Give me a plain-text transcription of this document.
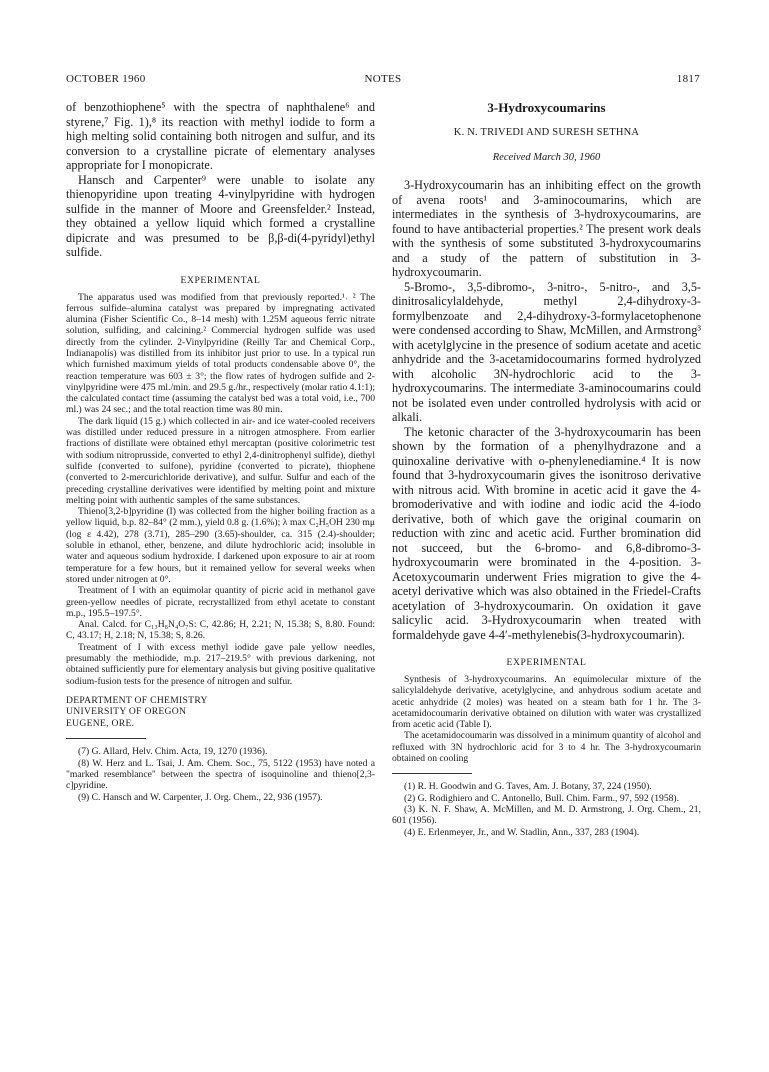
OCTOBER 1960	NOTES	1817

of benzothiophene⁵ with the spectra of naphthalene⁶ and styrene,⁷ Fig. 1),⁸ its reaction with methyl iodide to form a high melting solid containing both nitrogen and sulfur, and its conversion to a crystalline picrate of elementary analyses appropriate for I monopicrate.

Hansch and Carpenter⁹ were unable to isolate any thienopyridine upon treating 4-vinylpyridine with hydrogen sulfide in the manner of Moore and Greensfelder.² Instead, they obtained a yellow liquid which formed a crystalline dipicrate and was presumed to be β,β-di(4-pyridyl)ethyl sulfide.

EXPERIMENTAL

The apparatus used was modified from that previously reported.¹˒ ² The ferrous sulfide–alumina catalyst was prepared by impregnating activated alumina (Fisher Scientific Co., 8–14 mesh) with 1.25M aqueous ferric nitrate solution, sulfiding, and calcining.² Commercial hydrogen sulfide was used directly from the cylinder. 2-Vinylpyridine (Reilly Tar and Chemical Corp., Indianapolis) was distilled from its inhibitor just prior to use. In a typical run which furnished maximum yields of total products condensable above 0°, the reaction temperature was 603 ± 3°; the flow rates of hydrogen sulfide and 2-vinylpyridine were 475 ml./min. and 29.5 g./hr., respectively (molar ratio 4.1:1); the calculated contact time (assuming the catalyst bed was a total void, i.e., 700 ml.) was 24 sec.; and the total reaction time was 80 min.

The dark liquid (15 g.) which collected in air- and ice water-cooled receivers was distilled under reduced pressure in a nitrogen atmosphere. From earlier fractions of distillate were obtained ethyl mercaptan (positive colorimetric test with sodium nitroprusside, converted to ethyl 2,4-dinitrophenyl sulfide), diethyl sulfide (converted to sulfone), pyridine (converted to picrate), thiophene (converted to 2-mercurichloride derivative), and sulfur. Sulfur and each of the preceding crystalline derivatives were identified by melting point and mixture melting point with authentic samples of the same substances.

Thieno[3,2-b]pyridine (I) was collected from the higher boiling fraction as a yellow liquid, b.p. 82–84° (2 mm.), yield 0.8 g. (1.6%); λ max C₂H₅OH 230 mμ (log ε 4.42), 278 (3.71), 285–290 (3.65)-shoulder, ca. 315 (2.4)-shoulder; soluble in ethanol, ether, benzene, and dilute hydrochloric acid; insoluble in water and aqueous sodium hydroxide. I darkened upon exposure to air at room temperature for a few hours, but it remained yellow for several weeks when stored under nitrogen at 0°.

Treatment of I with an equimolar quantity of picric acid in methanol gave green-yellow needles of picrate, recrystallized from ethyl acetate to constant m.p., 195.5–197.5°.

Anal. Calcd. for C₁₃H₈N₄O₇S: C, 42.86; H, 2.21; N, 15.38; S, 8.80. Found: C, 43.17; H, 2.18; N, 15.38; S, 8.26.

Treatment of I with excess methyl iodide gave pale yellow needles, presumably the methiodide, m.p. 217–219.5° with previous darkening, not obtained sufficiently pure for elementary analysis but giving positive qualitative sodium-fusion tests for the presence of nitrogen and sulfur.

DEPARTMENT OF CHEMISTRY
UNIVERSITY OF OREGON
EUGENE, ORE.
(7) G. Allard, Helv. Chim. Acta, 19, 1270 (1936).
(8) W. Herz and L. Tsai, J. Am. Chem. Soc., 75, 5122 (1953) have noted a "marked resemblance" between the spectra of isoquinoline and thieno[2,3-c]pyridine.
(9) C. Hansch and W. Carpenter, J. Org. Chem., 22, 936 (1957).
3-Hydroxycoumarins
K. N. TRIVEDI AND SURESH SETHNA
Received March 30, 1960

3-Hydroxycoumarin has an inhibiting effect on the growth of avena roots¹ and 3-aminocoumarins, which are intermediates in the synthesis of 3-hydroxycoumarins, are found to have antibacterial properties.² The present work deals with the synthesis of some substituted 3-hydroxycoumarins and a study of the pattern of substitution in 3-hydroxycoumarin.

5-Bromo-, 3,5-dibromo-, 3-nitro-, 5-nitro-, and 3,5-dinitrosalicylaldehyde, methyl 2,4-dihydroxy-3-formylbenzoate and 2,4-dihydroxy-3-formylacetophenone were condensed according to Shaw, McMillen, and Armstrong³ with acetylglycine in the presence of sodium acetate and acetic anhydride and the 3-acetamidocoumarins formed hydrolyzed with alcoholic 3N-hydrochloric acid to the 3-hydroxycoumarins. The intermediate 3-aminocoumarins could not be isolated even under controlled hydrolysis with acid or alkali.

The ketonic character of the 3-hydroxycoumarin has been shown by the formation of a phenylhydrazone and a quinoxaline derivative with o-phenylenediamine.⁴ It is now found that 3-hydroxycoumarin gives the isonitroso derivative with nitrous acid. With bromine in acetic acid it gave the 4-bromoderivative and with iodine and iodic acid the 4-iodo derivative, both of which gave the original coumarin on reduction with zinc and acetic acid. Further bromination did not succeed, but the 6-bromo- and 6,8-dibromo-3-hydroxycoumarin were brominated in the 4-position. 3-Acetoxycoumarin underwent Fries migration to give the 4-acetyl derivative which was also obtained in the Friedel-Crafts acetylation of 3-hydroxycoumarin. On oxidation it gave salicylic acid. 3-Hydroxycoumarin when treated with formaldehyde gave 4-4′-methylenebis(3-hydroxycoumarin).

EXPERIMENTAL

Synthesis of 3-hydroxycoumarins. An equimolecular mixture of the salicylaldehyde derivative, acetylglycine, and anhydrous sodium acetate and acetic anhydride (2 moles) was heated on a steam bath for 1 hr. The 3-acetamidocoumarin derivative obtained on dilution with water was crystallized from acetic acid (Table I).

The acetamidocoumarin was dissolved in a minimum quantity of alcohol and refluxed with 3N hydrochloric acid for 3 to 4 hr. The 3-hydroxycoumarin obtained on cooling

(1) R. H. Goodwin and G. Taves, Am. J. Botany, 37, 224 (1950).
(2) G. Rodighiero and C. Antonello, Bull. Chim. Farm., 97, 592 (1958).
(3) K. N. F. Shaw, A. McMillen, and M. D. Armstrong, J. Org. Chem., 21, 601 (1956).
(4) E. Erlenmeyer, Jr., and W. Stadlin, Ann., 337, 283 (1904).
